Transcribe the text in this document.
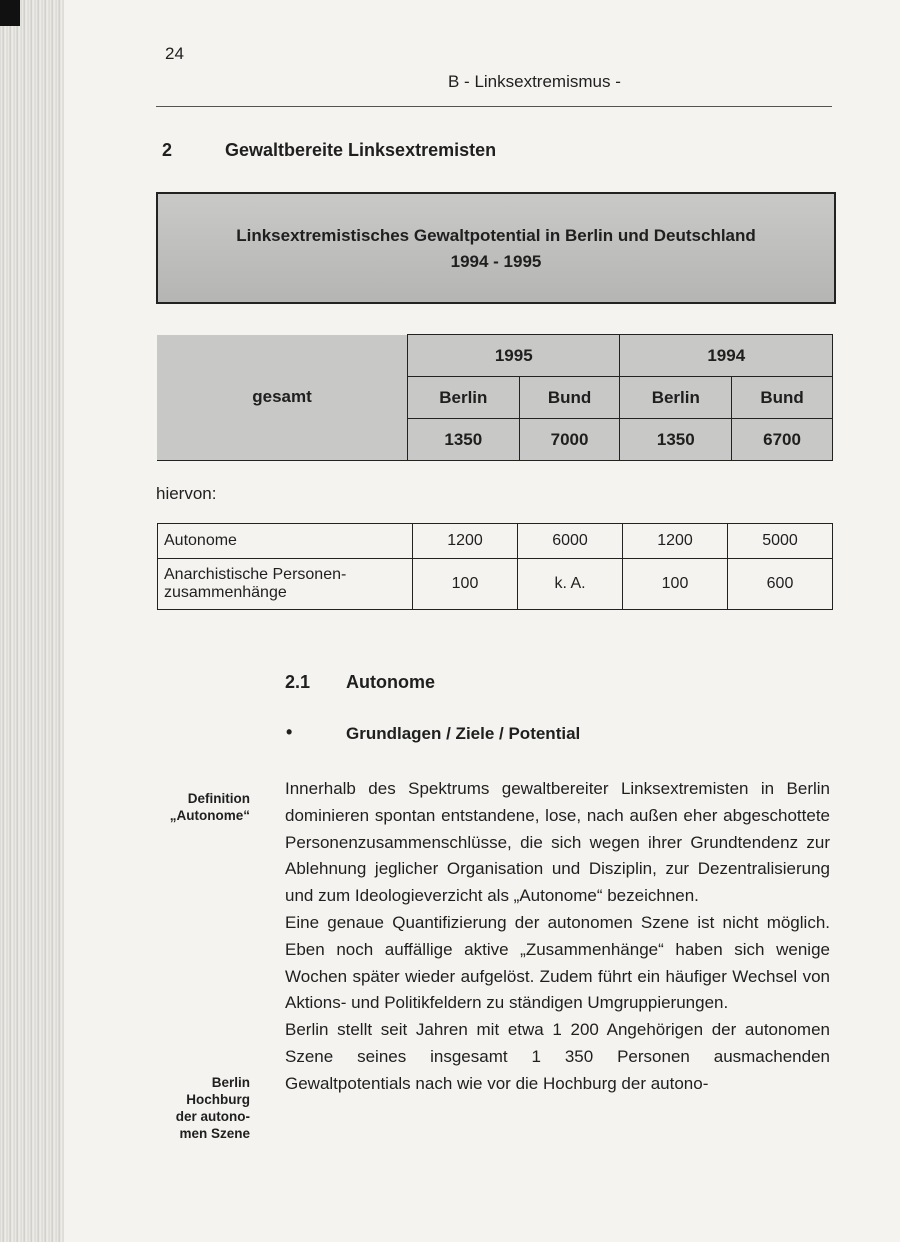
24
B - Linksextremismus -
2	Gewaltbereite Linksextremisten
Linksextremistisches Gewaltpotential in Berlin und Deutschland
1994 - 1995
gesamt	1995		1994	
	Berlin	Bund	Berlin	Bund
	1350	7000	1350	6700
hiervon:
Autonome	1200	6000	1200	5000
Anarchistische Personen-
zusammenhänge	100	k. A.	100	600
2.1 Autonome
•	Grundlagen / Ziele / Potential
Definition
„Autonome“
Berlin
Hochburg
der autono-
men Szene

Innerhalb des Spektrums gewaltbereiter Linksextremisten in Berlin dominieren spontan entstandene, lose, nach außen eher abgeschottete Personenzusammenschlüsse, die sich wegen ihrer Grundtendenz zur Ablehnung jeglicher Organisation und Disziplin, zur Dezentralisierung und zum Ideologieverzicht als „Autonome“ bezeichnen.

Eine genaue Quantifizierung der autonomen Szene ist nicht möglich. Eben noch auffällige aktive „Zusammenhänge“ haben sich wenige Wochen später wieder aufgelöst. Zudem führt ein häufiger Wechsel von Aktions- und Politikfeldern zu ständigen Umgruppierungen.

Berlin stellt seit Jahren mit etwa 1 200 Angehörigen der autonomen Szene seines insgesamt 1 350 Personen ausmachenden Gewaltpotentials nach wie vor die Hochburg der autono-
